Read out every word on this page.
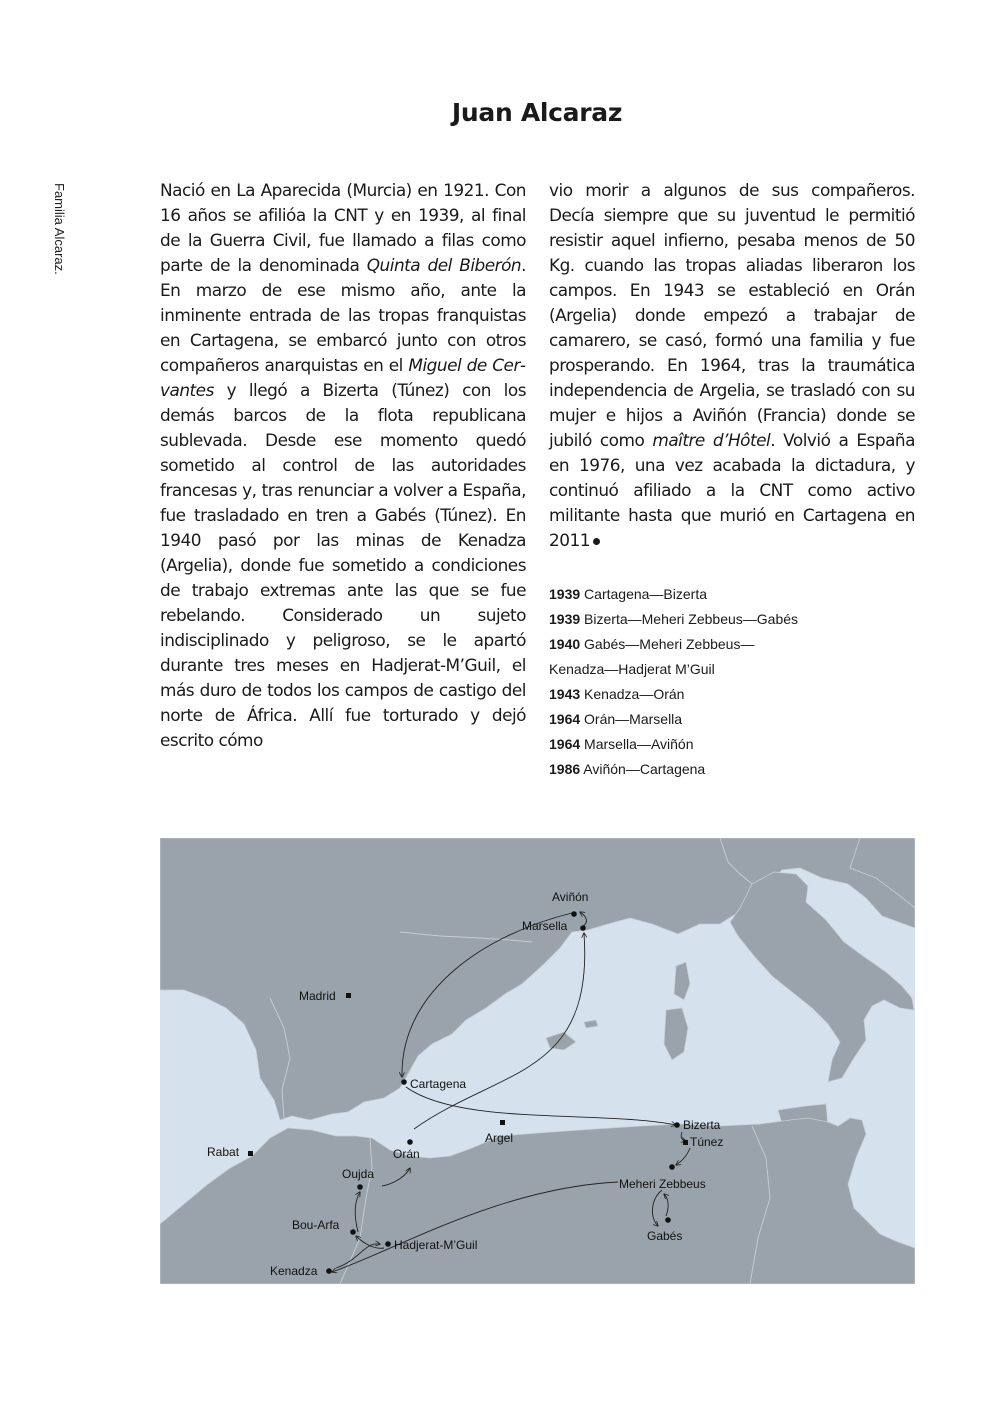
Juan Alcaraz
Familia Alcaraz.	Nació en La Aparecida (Murcia) en 1921. Con 16 años se afilióa la CNT y en 1939, al final de la Guerra Civil, fue llamado a filas como parte de la denominada Quinta del Biberón. En marzo de ese mismo año, ante la inminente entrada de las tropas franquistas en Cartagena, se embarcó junto con otros compañeros anarquistas en el Miguel de Cervantes y llegó a Bizerta (Túnez) con los demás barcos de la flota republicana sublevada. Desde ese momento quedó sometido al control de las autoridades francesas y, tras renunciar a volver a España, fue trasladado en tren a Gabés (Túnez). En 1940 pasó por las minas de Kenadza (Argelia), donde fue sometido a condiciones de trabajo extremas ante las que se fue rebelando. Considerado un sujeto indisciplinado y peligroso, se le apartó durante tres meses en Hadjerat-M’Guil, el más duro de todos los campos de castigo del norte de África. Allí fue torturado y dejó escrito cómo

vio morir a algunos de sus compañeros. Decía siempre que su juventud le permitió resistir aquel infierno, pesaba menos de 50 Kg. cuando las tropas aliadas liberaron los campos. En 1943 se estableció en Orán (Argelia) donde empezó a trabajar de camarero, se casó, formó una familia y fue prosperando. En 1964, tras la traumática independencia de Argelia, se trasladó con su mujer e hijos a Aviñón (Francia) donde se jubiló como maître d’Hôtel. Volvió a España en 1976, una vez acabada la dictadura, y continuó afiliado a la CNT como activo militante hasta que murió en Cartagena en 2011

1939 Cartagena—Bizerta
1939 Bizerta—Meheri Zebbeus—Gabés
1940 Gabés—Meheri Zebbeus—
Kenadza—Hadjerat M’Guil
1943 Kenadza—Orán
1964 Orán—Marsella
1964 Marsella—Aviñón
1986 Aviñón—Cartagena
Aviñón
Marsella
Madrid
Cartagena
Bizerta
Túnez
Rabat
Argel
Orán
Oujda
Meheri Zebbeus
Bou-Arfa
Hadjerat-M’Guil
Gabés
Kenadza
